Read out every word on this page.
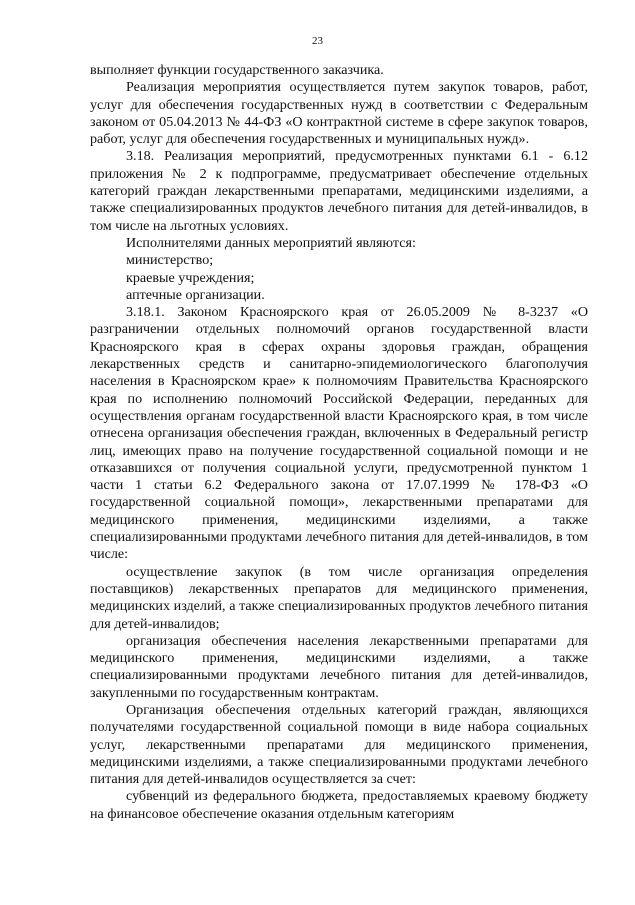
23

выполняет функции государственного заказчика.

Реализация мероприятия осуществляется путем закупок товаров, работ, услуг для обеспечения государственных нужд в соответствии с Федеральным законом от 05.04.2013 № 44-ФЗ «О контрактной системе в сфере закупок товаров, работ, услуг для обеспечения государственных и муниципальных нужд».

3.18. Реализация мероприятий, предусмотренных пунктами 6.1 - 6.12 приложения № 2 к подпрограмме, предусматривает обеспечение отдельных категорий граждан лекарственными препаратами, медицинскими изделиями, а также специализированных продуктов лечебного питания для детей-инвалидов, в том числе на льготных условиях.

Исполнителями данных мероприятий являются:

министерство;

краевые учреждения;

аптечные организации.

3.18.1. Законом Красноярского края от 26.05.2009 № 8-3237 «О разграничении отдельных полномочий органов государственной власти Красноярского края в сферах охраны здоровья граждан, обращения лекарственных средств и санитарно-эпидемиологического благополучия населения в Красноярском крае» к полномочиям Правительства Красноярского края по исполнению полномочий Российской Федерации, переданных для осуществления органам государственной власти Красноярского края, в том числе отнесена организация обеспечения граждан, включенных в Федеральный регистр лиц, имеющих право на получение государственной социальной помощи и не отказавшихся от получения социальной услуги, предусмотренной пунктом 1 части 1 статьи 6.2 Федерального закона от 17.07.1999 № 178-ФЗ «О государственной социальной помощи», лекарственными препаратами для медицинского применения, медицинскими изделиями, а также специализированными продуктами лечебного питания для детей-инвалидов, в том числе:

осуществление закупок (в том числе организация определения поставщиков) лекарственных препаратов для медицинского применения, медицинских изделий, а также специализированных продуктов лечебного питания для детей-инвалидов;

организация обеспечения населения лекарственными препаратами для медицинского применения, медицинскими изделиями, а также специализированными продуктами лечебного питания для детей-инвалидов, закупленными по государственным контрактам.

Организация обеспечения отдельных категорий граждан, являющихся получателями государственной социальной помощи в виде набора социальных услуг, лекарственными препаратами для медицинского применения, медицинскими изделиями, а также специализированными продуктами лечебного питания для детей-инвалидов осуществляется за счет:

субвенций из федерального бюджета, предоставляемых краевому бюджету на финансовое обеспечение оказания отдельным категориям
